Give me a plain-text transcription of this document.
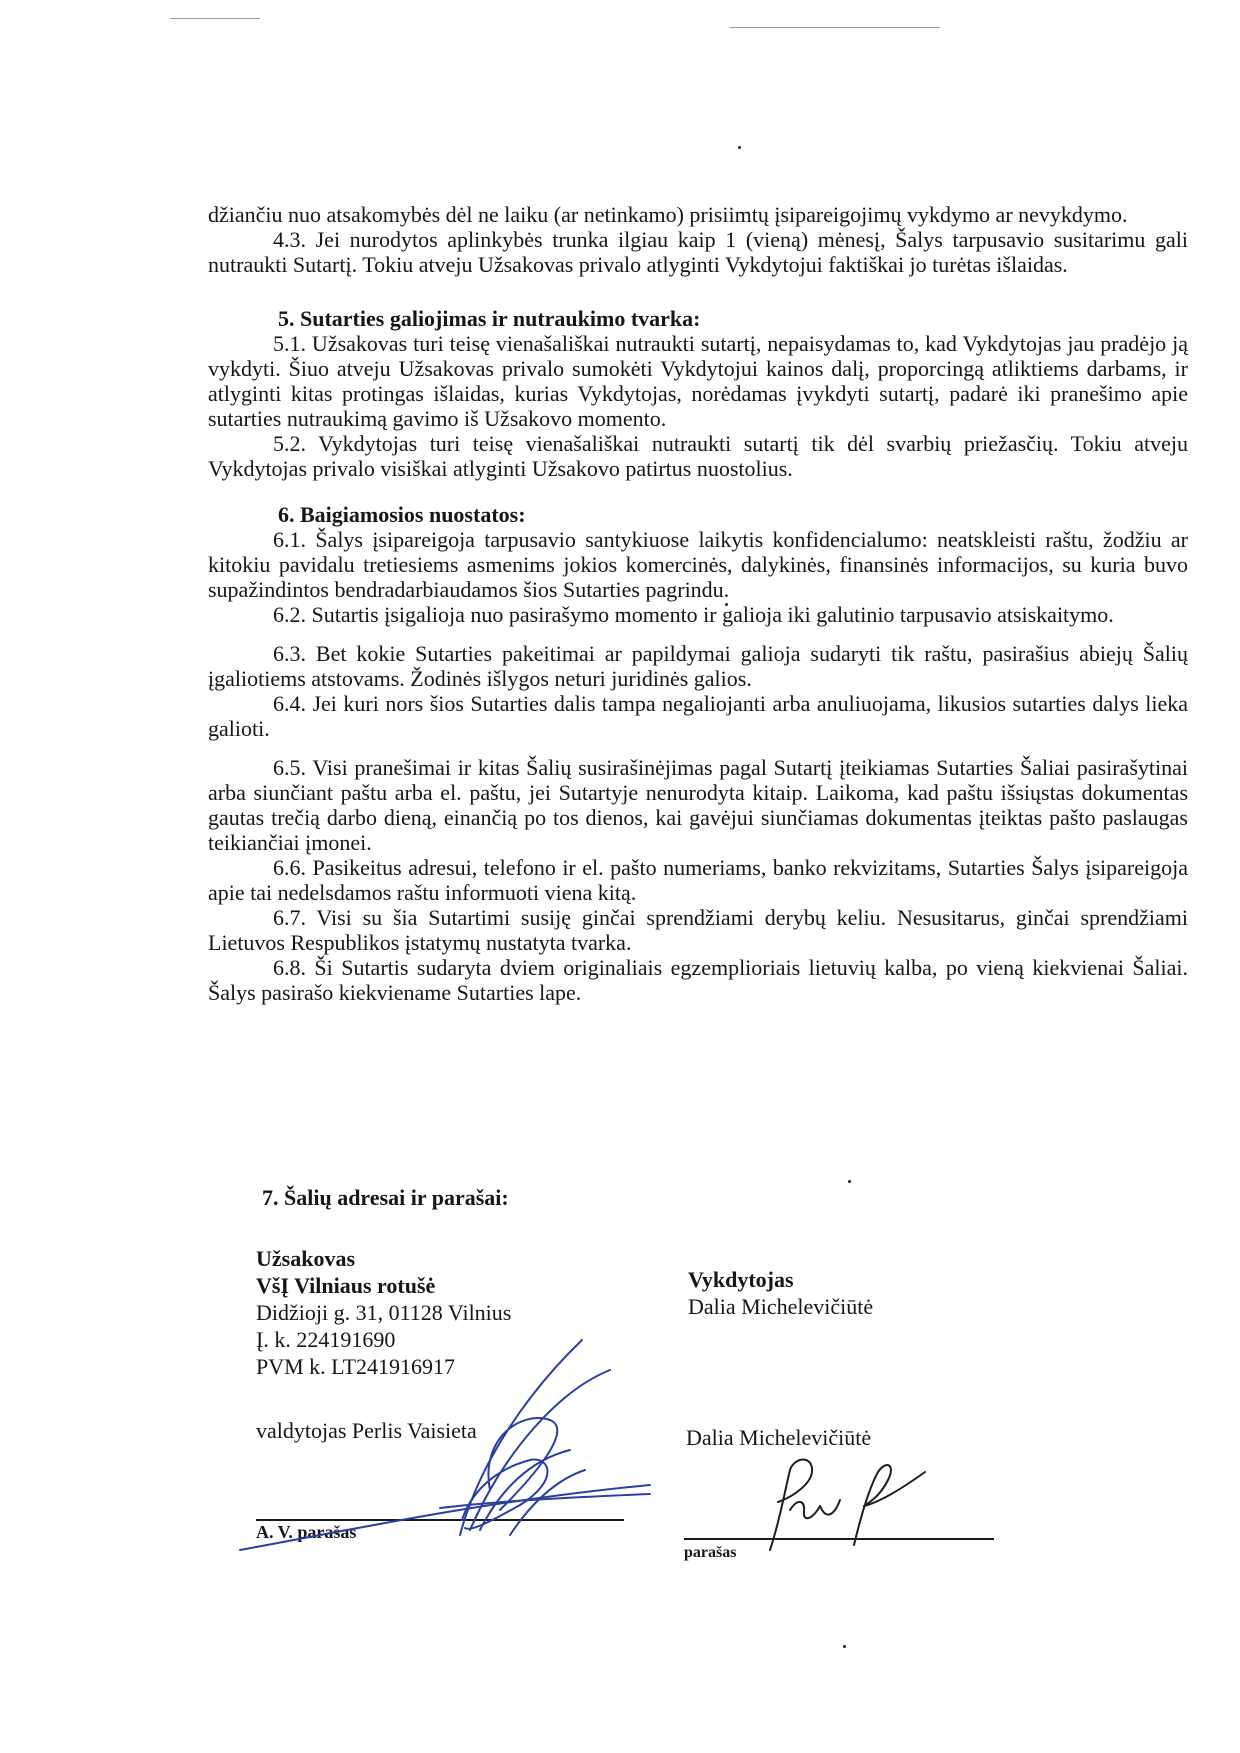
džiančiu nuo atsakomybės dėl ne laiku (ar netinkamo) prisiimtų įsipareigojimų vykdymo ar nevykdymo.

4.3. Jei nurodytos aplinkybės trunka ilgiau kaip 1 (vieną) mėnesį, Šalys tarpusavio susitarimu gali nutraukti Sutartį. Tokiu atveju Užsakovas privalo atlyginti Vykdytojui faktiškai jo turėtas išlaidas.

5. Sutarties galiojimas ir nutraukimo tvarka:

5.1. Užsakovas turi teisę vienašališkai nutraukti sutartį, nepaisydamas to, kad Vykdytojas jau pradėjo ją vykdyti. Šiuo atveju Užsakovas privalo sumokėti Vykdytojui kainos dalį, proporcingą atliktiems darbams, ir atlyginti kitas protingas išlaidas, kurias Vykdytojas, norėdamas įvykdyti sutartį, padarė iki pranešimo apie sutarties nutraukimą gavimo iš Užsakovo momento.

5.2. Vykdytojas turi teisę vienašališkai nutraukti sutartį tik dėl svarbių priežasčių. Tokiu atveju Vykdytojas privalo visiškai atlyginti Užsakovo patirtus nuostolius.

6. Baigiamosios nuostatos:

6.1. Šalys įsipareigoja tarpusavio santykiuose laikytis konfidencialumo: neatskleisti raštu, žodžiu ar kitokiu pavidalu tretiesiems asmenims jokios komercinės, dalykinės, finansinės informacijos, su kuria buvo supažindintos bendradarbiaudamos šios Sutarties pagrindu.

6.2. Sutartis įsigalioja nuo pasirašymo momento ir galioja iki galutinio tarpusavio atsiskaitymo.

6.3. Bet kokie Sutarties pakeitimai ar papildymai galioja sudaryti tik raštu, pasirašius abiejų Šalių įgaliotiems atstovams. Žodinės išlygos neturi juridinės galios.

6.4. Jei kuri nors šios Sutarties dalis tampa negaliojanti arba anuliuojama, likusios sutarties dalys lieka galioti.

6.5. Visi pranešimai ir kitas Šalių susirašinėjimas pagal Sutartį įteikiamas Sutarties Šaliai pasirašytinai arba siunčiant paštu arba el. paštu, jei Sutartyje nenurodyta kitaip. Laikoma, kad paštu išsiųstas dokumentas gautas trečią darbo dieną, einančią po tos dienos, kai gavėjui siunčiamas dokumentas įteiktas pašto paslaugas teikiančiai įmonei.

6.6. Pasikeitus adresui, telefono ir el. pašto numeriams, banko rekvizitams, Sutarties Šalys įsipareigoja apie tai nedelsdamos raštu informuoti viena kitą.

6.7. Visi su šia Sutartimi susiję ginčai sprendžiami derybų keliu. Nesusitarus, ginčai sprendžiami Lietuvos Respublikos įstatymų nustatyta tvarka.

6.8. Ši Sutartis sudaryta dviem originaliais egzemplioriais lietuvių kalba, po vieną kiekvienai Šaliai. Šalys pasirašo kiekviename Sutarties lape.

7. Šalių adresai ir parašai:
Užsakovas
VšĮ Vilniaus rotušė
Didžioji g. 31, 01128 Vilnius
Į. k. 224191690
PVM k. LT241916917
Vykdytojas
Dalia Michelevičiūtė
valdytojas Perlis Vaisieta	Dalia Michelevičiūtė
A. V. parašas
parašas
